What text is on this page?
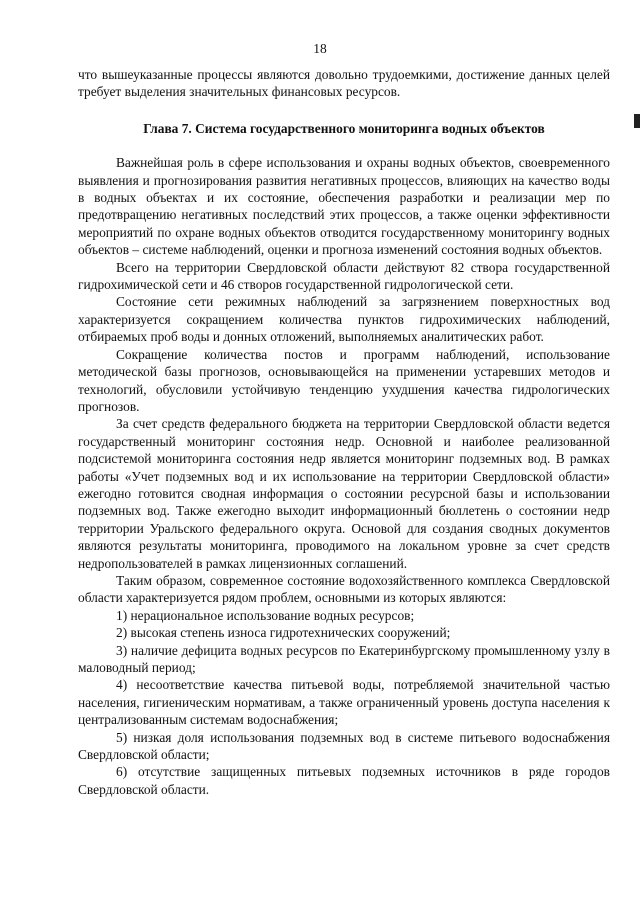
18

что вышеуказанные процессы являются довольно трудоемкими, достижение данных целей требует выделения значительных финансовых ресурсов.

Глава 7. Система государственного мониторинга водных объектов

Важнейшая роль в сфере использования и охраны водных объектов, своевременного выявления и прогнозирования развития негативных процессов, влияющих на качество воды в водных объектах и их состояние, обеспечения разработки и реализации мер по предотвращению негативных последствий этих процессов, а также оценки эффективности мероприятий по охране водных объектов отводится государственному мониторингу водных объектов – системе наблюдений, оценки и прогноза изменений состояния водных объектов.

Всего на территории Свердловской области действуют 82 створа государственной гидрохимической сети и 46 створов государственной гидрологической сети.

Состояние сети режимных наблюдений за загрязнением поверхностных вод характеризуется сокращением количества пунктов гидрохимических наблюдений, отбираемых проб воды и донных отложений, выполняемых аналитических работ.

Сокращение количества постов и программ наблюдений, использование методической базы прогнозов, основывающейся на применении устаревших методов и технологий, обусловили устойчивую тенденцию ухудшения качества гидрологических прогнозов.

За счет средств федерального бюджета на территории Свердловской области ведется государственный мониторинг состояния недр. Основной и наиболее реализованной подсистемой мониторинга состояния недр является мониторинг подземных вод. В рамках работы «Учет подземных вод и их использование на территории Свердловской области» ежегодно готовится сводная информация о состоянии ресурсной базы и использовании подземных вод. Также ежегодно выходит информационный бюллетень о состоянии недр территории Уральского федерального округа. Основой для создания сводных документов являются результаты мониторинга, проводимого на локальном уровне за счет средств недропользователей в рамках лицензионных соглашений.

Таким образом, современное состояние водохозяйственного комплекса Свердловской области характеризуется рядом проблем, основными из которых являются:

1) нерациональное использование водных ресурсов;

2) высокая степень износа гидротехнических сооружений;

3) наличие дефицита водных ресурсов по Екатеринбургскому промышленному узлу в маловодный период;

4) несоответствие качества питьевой воды, потребляемой значительной частью населения, гигиеническим нормативам, а также ограниченный уровень доступа населения к централизованным системам водоснабжения;

5) низкая доля использования подземных вод в системе питьевого водоснабжения Свердловской области;

6) отсутствие защищенных питьевых подземных источников в ряде городов Свердловской области.
